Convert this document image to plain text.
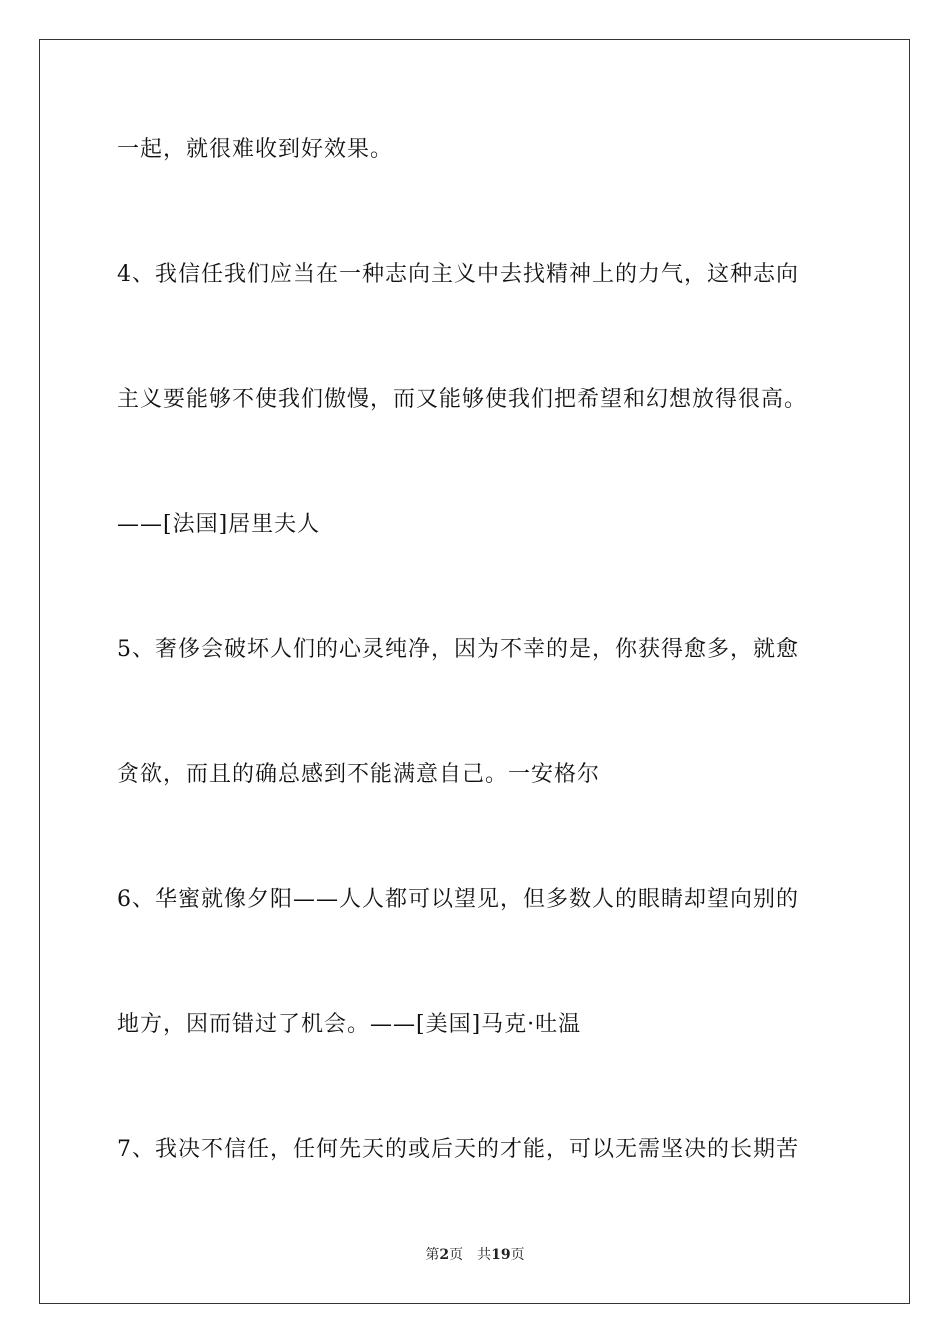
一起，就很难收到好效果。
4、我信任我们应当在一种志向主义中去找精神上的力气，这种志向
主义要能够不使我们傲慢，而又能够使我们把希望和幻想放得很高。
——[法国]居里夫人
5、奢侈会破坏人们的心灵纯净，因为不幸的是，你获得愈多，就愈
贪欲，而且的确总感到不能满意自己。一安格尔
6、华蜜就像夕阳——人人都可以望见，但多数人的眼睛却望向别的
地方，因而错过了机会。——[美国]马克·吐温
7、我决不信任，任何先天的或后天的才能，可以无需坚决的长期苦
第2页 共19页
